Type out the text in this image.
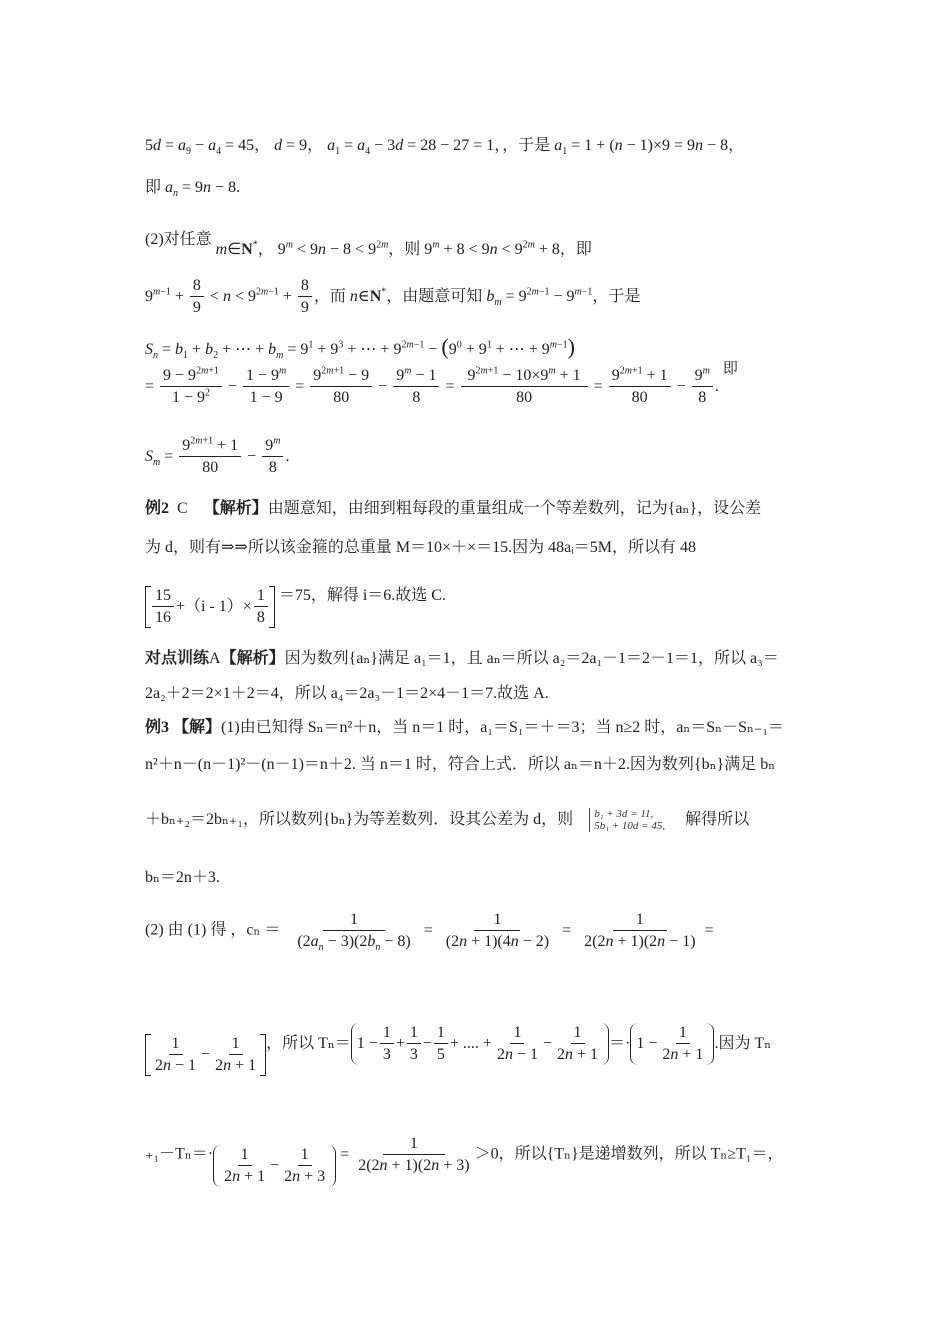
$5d = a_9 - a_4 = 45$， d = 9， $a_1 = a_4 - 3d = 28 - 27 = 1$，，于是 $a_1 = 1 + (n - 1)\times 9 = 9n - 8$，
即 $a_n = 9n - 8$.
(2)对任意 m∈N*， $9^m < 9n - 8 < 9^{2m}$，则 $9^m + 8 < 9n < 9^{2m} + 8$，即
$9^{m-1} + \frac{8}{9} < n < 9^{2m-1} + \frac{8}{9}$ ，而 n∈N*，由题意可知 $b_m = 9^{2m-1} - 9^{m-1}$，于是
$S_n = b_1 + b_2$ + ⋯ + $b_m = 9^1 + 9^3$ + ⋯ + $9^{2m-1} - (9^0 + 9^1$ + ⋯ + $9^{m-1}$)
= $\frac{9 - 9^{2m+1}}{1 - 9^2} - \frac{1 - 9^m}{1 - 9} = \frac{9^{2m+1} - 9}{80} - \frac{9^m - 1}{8} = \frac{9^{2m+1} - 10\times 9^m + 1}{80} = \frac{9^{2m+1} + 1}{80} - \frac{9^m}{8}$ . 即
$S_m = \frac{9^{2m+1} + 1}{80} - \frac{9^m}{8}$ .
例2 C 【解析】由题意知，由细到粗每段的重量组成一个等差数列，记为{aₙ}，设公差
为 d，则有⇒⇒所以该金箍的总重量 M＝10×＋×＝15.因为 48aᵢ＝5M，所以有 48
15
16
+（i - 1）×
1
8
＝75，解得 i＝6.故选 C.
对点训练A【解析】因为数列{aₙ}满足 a₁＝1，且 aₙ＝所以 a₂＝2a₁－1＝2－1＝1，所以 a₃＝
2a₂＋2＝2×1＋2＝4，所以 a₄＝2a₃－1＝2×4－1＝7.故选 A.
例3 【解】(1)由已知得 Sₙ＝n²＋n，当 n＝1 时，a₁＝S₁＝＋＝3；当 n≥2 时，aₙ＝Sₙ－Sₙ₋₁＝
n²＋n－(n－1)²－(n－1)＝n＋2. 当 n＝1 时，符合上式．所以 aₙ＝n＋2.因为数列{bₙ}满足 bₙ
＋bₙ₊₂＝2bₙ₊₁，所以数列{bₙ}为等差数列．设其公差为 d，则 b₁ + 3d = 11,
5b₁ + 10d = 45, 解得所以
bₙ＝2n＋3.
(2) 由 (1) 得 ，$c_n = \frac{1}{(2a_n - 3)(2b_n - 8)} = \frac{1}{(2n + 1)(4n - 2)} = \frac{1}{2(2n + 1)(2n - 1)}$ =
1
2n − 1
−
1
2n + 1
，所以 Tₙ＝ 1 −
1
3
+
1
3
−
1
5
+ .... +
1
2n − 1
−
1
2n + 1
＝· 1 −
1
2n + 1
.因为 Tₙ
₊₁－Tₙ＝· 1
2n + 1
−
1
2n + 3
= $\frac{1}{2(2n + 1)(2n + 3)} >0$，所以{Tₙ}是递增数列，所以 Tₙ≥T₁＝，
